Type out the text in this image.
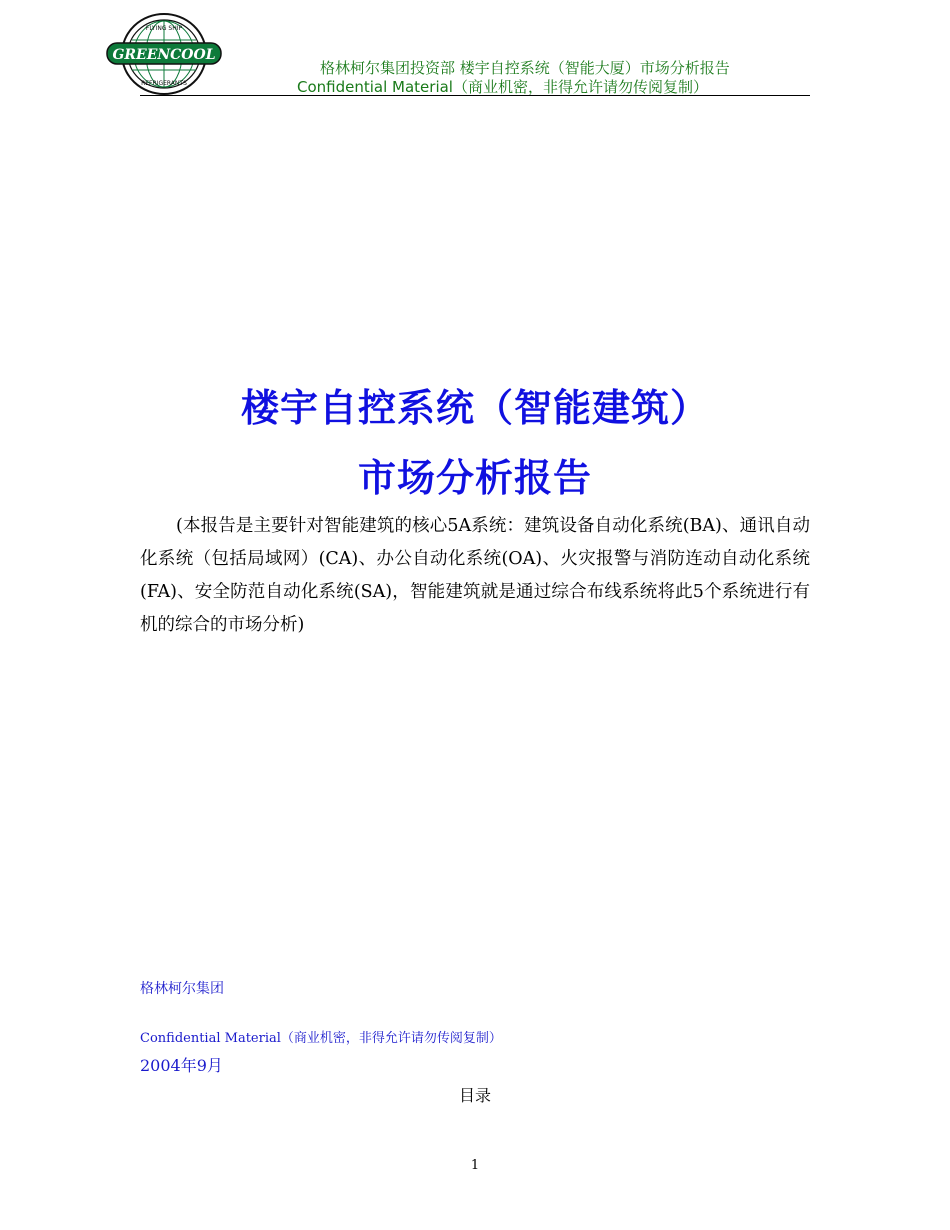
GREENCOOL
FLYING SHIP
REFRIGERANTS
格林柯尔集团投资部 楼宇自控系统（智能大厦）市场分析报告
Confidential Material（商业机密，非得允许请勿传阅复制）
楼宇自控系统（智能建筑）
市场分析报告
(本报告是主要针对智能建筑的核心5A系统：建筑设备自动化系统(BA)、通讯自动化系统（包括局域网）(CA)、办公自动化系统(OA)、火灾报警与消防连动自动化系统(FA)、安全防范自动化系统(SA)，智能建筑就是通过综合布线系统将此5个系统进行有机的综合的市场分析)
格林柯尔集团
Confidential Material（商业机密，非得允许请勿传阅复制）
2004年9月
目录
1
